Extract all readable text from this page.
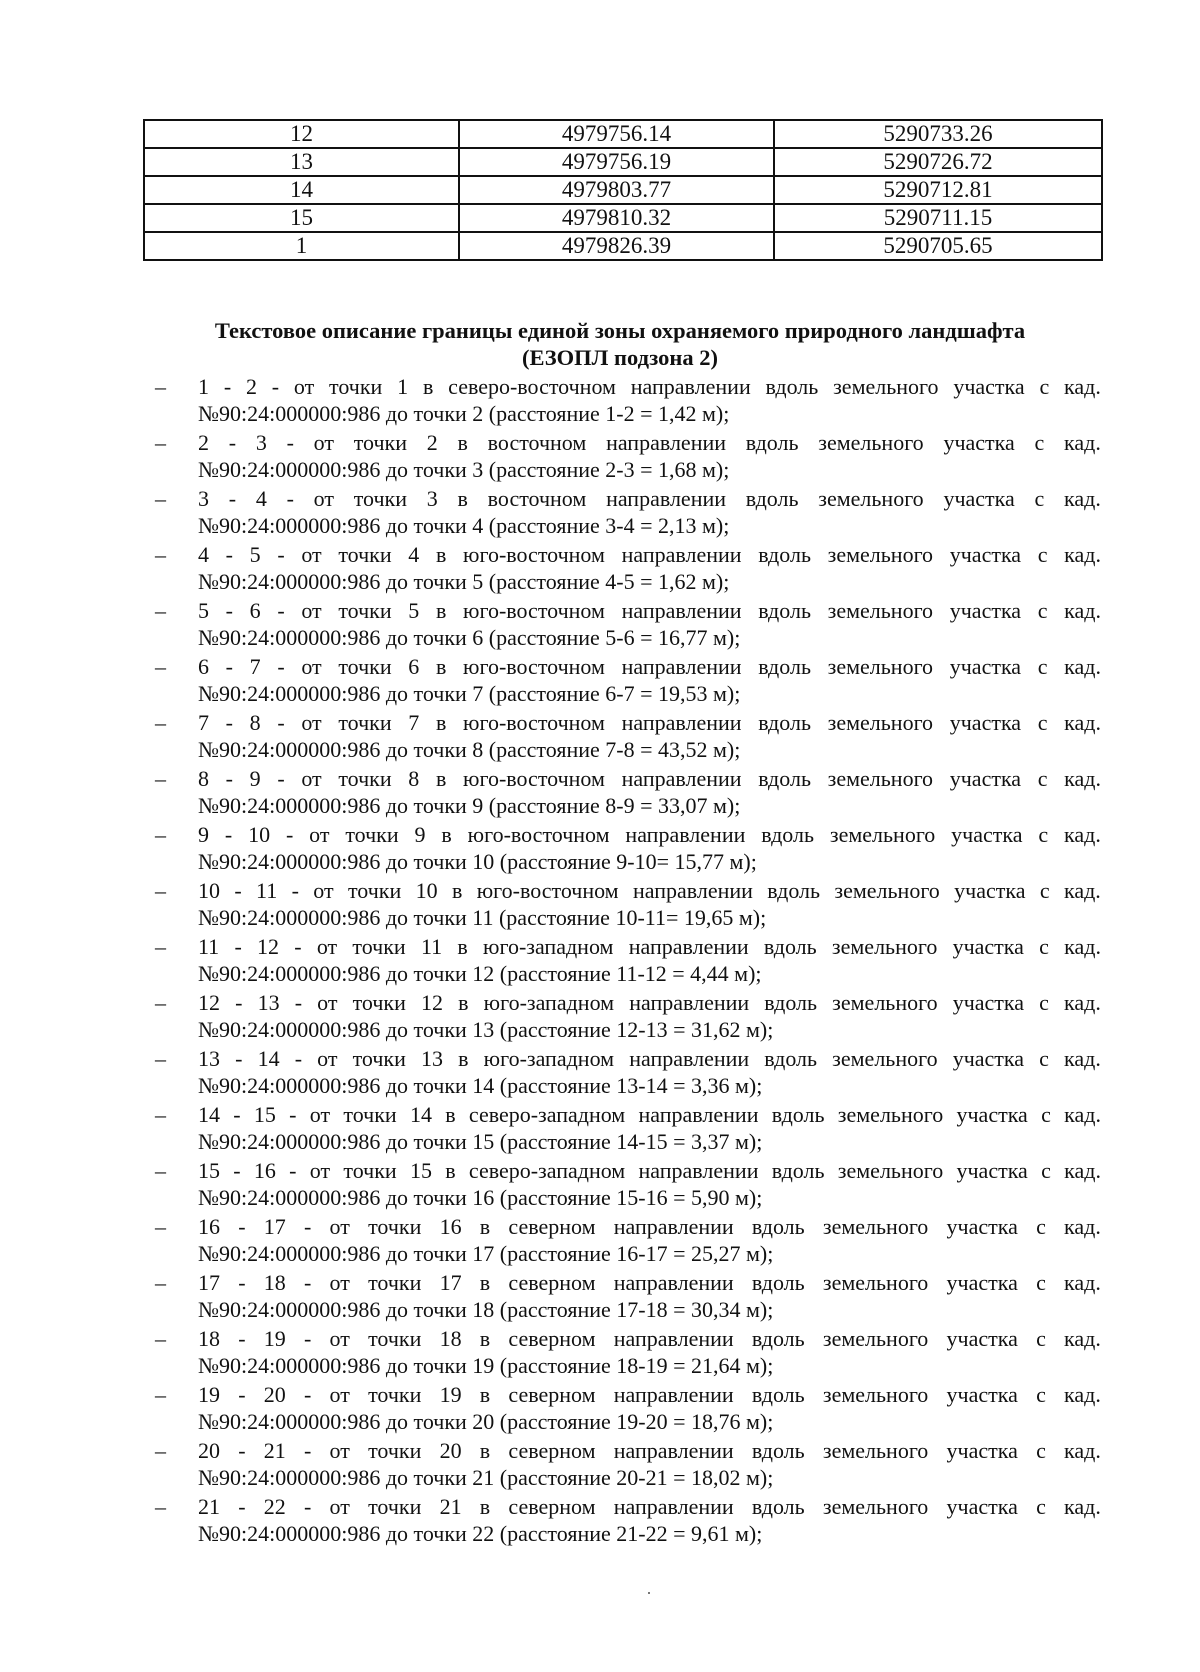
12	4979756.14	5290733.26
13	4979756.19	5290726.72
14	4979803.77	5290712.81
15	4979810.32	5290711.15
1	4979826.39	5290705.65
Текстовое описание границы единой зоны охраняемого природного ландшафта
(ЕЗОПЛ подзона 2)
– 1 - 2 - от точки 1 в северо-восточном направлении вдоль земельного участка с кад.
№90:24:000000:986 до точки 2 (расстояние 1-2 = 1,42 м);
– 2 - 3 - от точки 2 в восточном направлении вдоль земельного участка с кад.
№90:24:000000:986 до точки 3 (расстояние 2-3 = 1,68 м);
– 3 - 4 - от точки 3 в восточном направлении вдоль земельного участка с кад.
№90:24:000000:986 до точки 4 (расстояние 3-4 = 2,13 м);
– 4 - 5 - от точки 4 в юго-восточном направлении вдоль земельного участка с кад.
№90:24:000000:986 до точки 5 (расстояние 4-5 = 1,62 м);
– 5 - 6 - от точки 5 в юго-восточном направлении вдоль земельного участка с кад.
№90:24:000000:986 до точки 6 (расстояние 5-6 = 16,77 м);
– 6 - 7 - от точки 6 в юго-восточном направлении вдоль земельного участка с кад.
№90:24:000000:986 до точки 7 (расстояние 6-7 = 19,53 м);
– 7 - 8 - от точки 7 в юго-восточном направлении вдоль земельного участка с кад.
№90:24:000000:986 до точки 8 (расстояние 7-8 = 43,52 м);
– 8 - 9 - от точки 8 в юго-восточном направлении вдоль земельного участка с кад.
№90:24:000000:986 до точки 9 (расстояние 8-9 = 33,07 м);
– 9 - 10 - от точки 9 в юго-восточном направлении вдоль земельного участка с кад.
№90:24:000000:986 до точки 10 (расстояние 9-10= 15,77 м);
– 10 - 11 - от точки 10 в юго-восточном направлении вдоль земельного участка с кад.
№90:24:000000:986 до точки 11 (расстояние 10-11= 19,65 м);
– 11 - 12 - от точки 11 в юго-западном направлении вдоль земельного участка с кад.
№90:24:000000:986 до точки 12 (расстояние 11-12 = 4,44 м);
– 12 - 13 - от точки 12 в юго-западном направлении вдоль земельного участка с кад.
№90:24:000000:986 до точки 13 (расстояние 12-13 = 31,62 м);
– 13 - 14 - от точки 13 в юго-западном направлении вдоль земельного участка с кад.
№90:24:000000:986 до точки 14 (расстояние 13-14 = 3,36 м);
– 14 - 15 - от точки 14 в северо-западном направлении вдоль земельного участка с кад.
№90:24:000000:986 до точки 15 (расстояние 14-15 = 3,37 м);
– 15 - 16 - от точки 15 в северо-западном направлении вдоль земельного участка с кад.
№90:24:000000:986 до точки 16 (расстояние 15-16 = 5,90 м);
– 16 - 17 - от точки 16 в северном направлении вдоль земельного участка с кад.
№90:24:000000:986 до точки 17 (расстояние 16-17 = 25,27 м);
– 17 - 18 - от точки 17 в северном направлении вдоль земельного участка с кад.
№90:24:000000:986 до точки 18 (расстояние 17-18 = 30,34 м);
– 18 - 19 - от точки 18 в северном направлении вдоль земельного участка с кад.
№90:24:000000:986 до точки 19 (расстояние 18-19 = 21,64 м);
– 19 - 20 - от точки 19 в северном направлении вдоль земельного участка с кад.
№90:24:000000:986 до точки 20 (расстояние 19-20 = 18,76 м);
– 20 - 21 - от точки 20 в северном направлении вдоль земельного участка с кад.
№90:24:000000:986 до точки 21 (расстояние 20-21 = 18,02 м);
– 21 - 22 - от точки 21 в северном направлении вдоль земельного участка с кад.
№90:24:000000:986 до точки 22 (расстояние 21-22 = 9,61 м);
